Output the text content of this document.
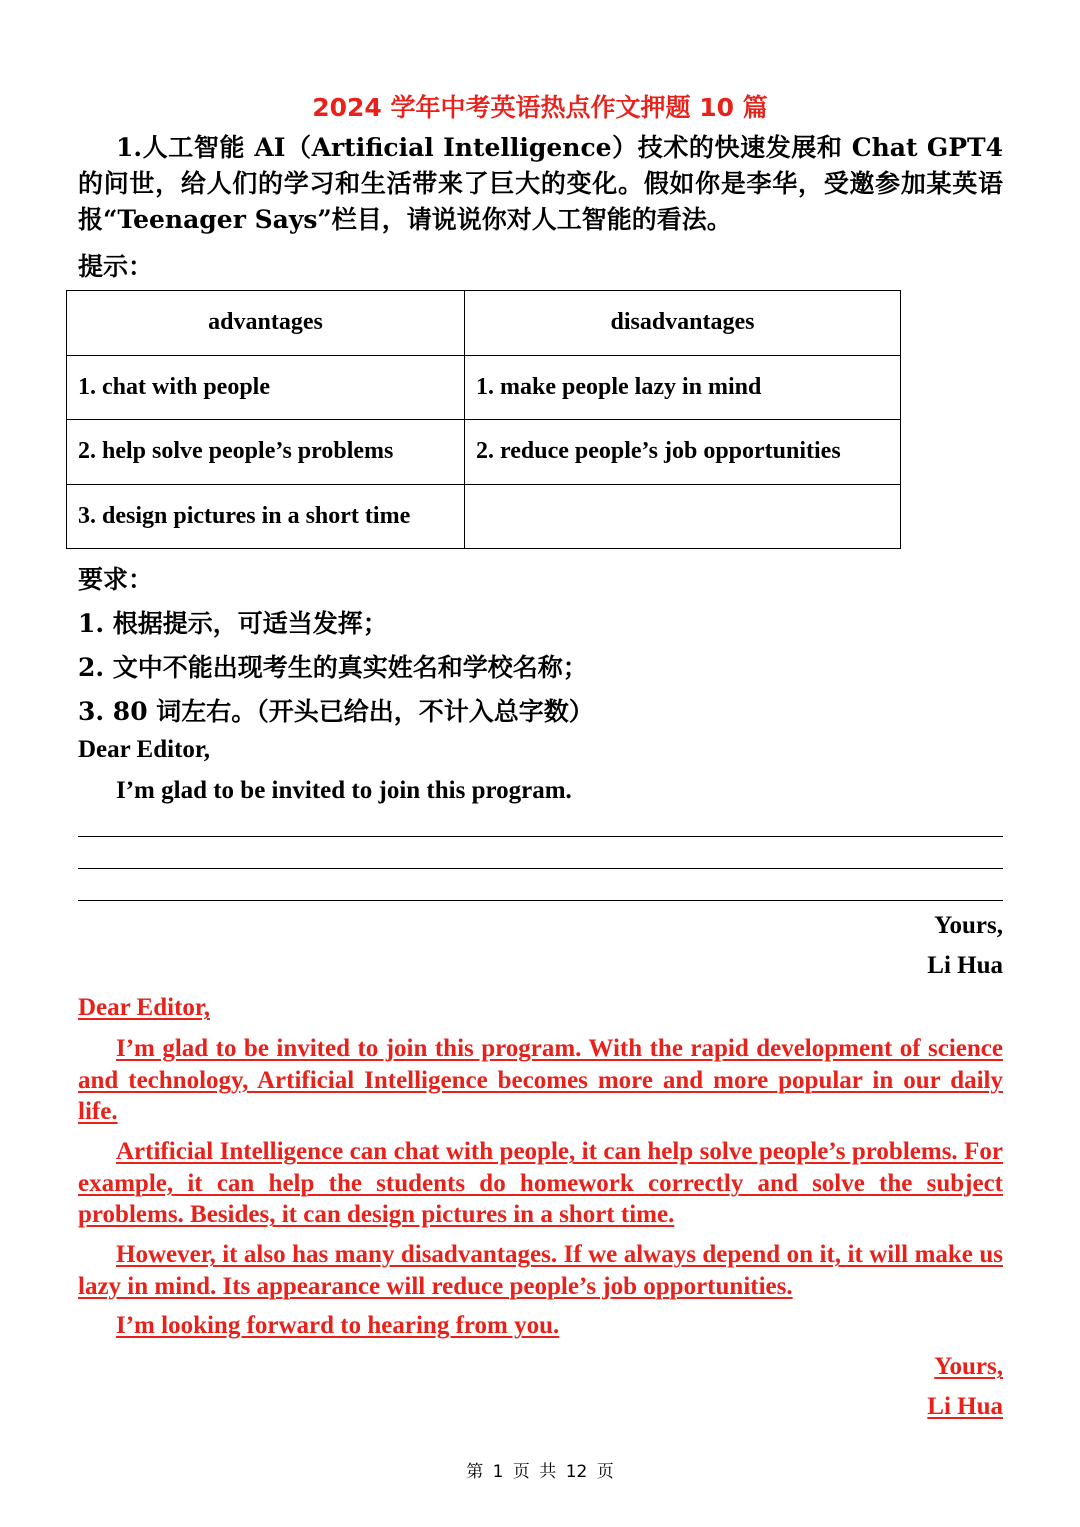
2024 学年中考英语热点作文押题 10 篇

1.人工智能 AI（Artificial Intelligence）技术的快速发展和 Chat GPT4 的问世，给人们的学习和生活带来了巨大的变化。假如你是李华，受邀参加某英语报“Teenager Says”栏目，请说说你对人工智能的看法。

提示：
advantages	disadvantages
1. chat with people	1. make people lazy in mind
2. help solve people’s problems	2. reduce people’s job opportunities
3. design pictures in a short time	
要求：
1. 根据提示，可适当发挥；
2. 文中不能出现考生的真实姓名和学校名称；
3. 80 词左右。（开头已给出，不计入总字数）
Dear Editor,
I’m glad to be invited to join this program.
Yours,
Li Hua
Dear Editor,

I’m glad to be invited to join this program. With the rapid development of science and technology, Artificial Intelligence becomes more and more popular in our daily life.

Artificial Intelligence can chat with people, it can help solve people’s problems. For example, it can help the students do homework correctly and solve the subject problems. Besides, it can design pictures in a short time.

However, it also has many disadvantages. If we always depend on it, it will make us lazy in mind. Its appearance will reduce people’s job opportunities.

I’m looking forward to hearing from you.

Yours,
Li Hua
第 1 页 共 12 页
